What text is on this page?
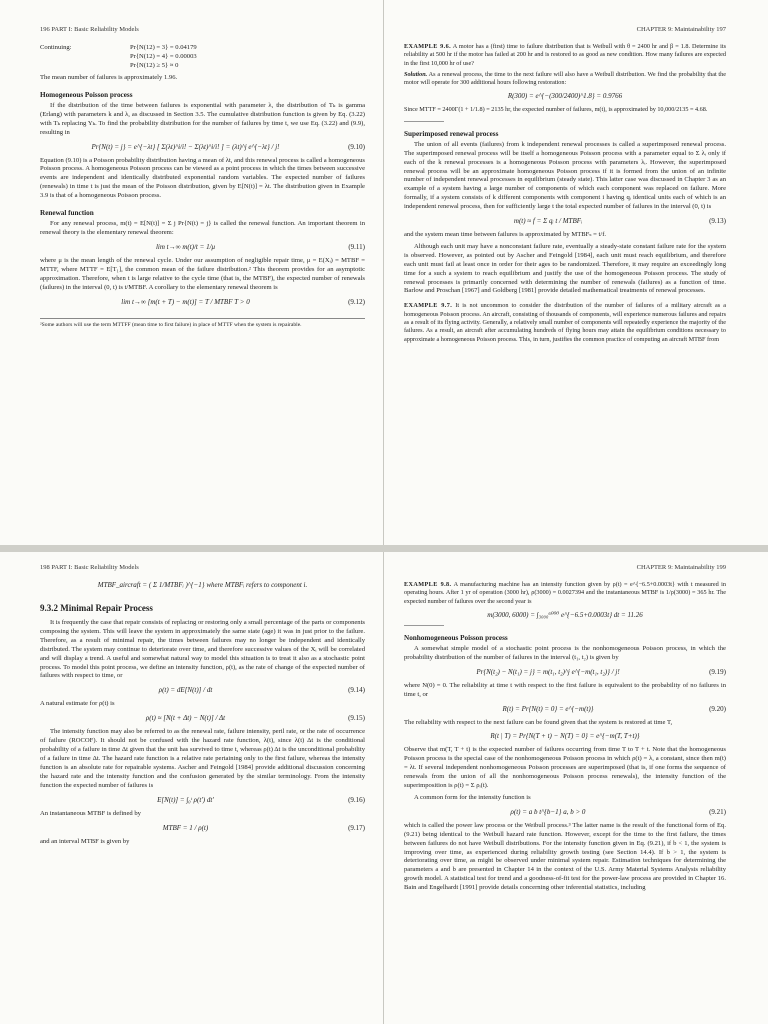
196 PART I: Basic Reliability Models
Continuing:	Pr{N(12) = 3} = 0.04179
Pr{N(12) = 4} = 0.00003
Pr{N(12) ≥ 5} ≈ 0

The mean number of failures is approximately 1.96.

Homogeneous Poisson process

If the distribution of the time between failures is exponential with parameter λ, the distribution of Tₖ is gamma (Erlang) with parameters k and λ, as discussed in Section 3.5. The cumulative distribution function is given by Eq. (3.22) with Tₖ replacing Yₖ. To find the probability distribution for the number of failures by time t, we use Eq. (3.22) and (9.9), resulting in

Pr{N(t) = j} = e^{−λt} [ Σ(λt)^i/i! − Σ(λt)^i/i! ] = (λt)^j e^{−λt} / j!	(9.10)

Equation (9.10) is a Poisson probability distribution having a mean of λt, and this renewal process is called a homogeneous Poisson process. A homogeneous Poisson process can be viewed as a point process in which the times between successive events are independent and identically distributed exponential random variables. The expected number of failures (renewals) in time t is just the mean of the Poisson distribution, given by E[N(t)] = λt. The distribution given in Example 3.9 is that of a homogeneous Poisson process.

Renewal function

For any renewal process, m(t) = E[N(t)] = Σ j Pr{N(t) = j} is called the renewal function. An important theorem in renewal theory is the elementary renewal theorem:

lim t→∞ m(t)/t = 1/μ	(9.11)

where μ is the mean length of the renewal cycle. Under our assumption of negligible repair time, μ = E(Xᵢ) = MTBF = MTTF, where MTTF = E[T₁], the common mean of the failure distribution.² This theorem provides for an asymptotic approximation. Therefore, when t is large relative to the cycle time (that is, the MTBF), the expected number of renewals (failures) in the interval (0, t) is t/MTBF. A corollary to the elementary renewal theorem is

lim t→∞ [m(t + T) − m(t)] = T / MTBF T > 0	(9.12)
²Some authors will use the term MTTFF (mean time to first failure) in place of MTTF when the system is repairable.
CHAPTER 9: Maintainability 197

EXAMPLE 9.6. A motor has a (first) time to failure distribution that is Weibull with θ = 2400 hr and β = 1.8. Determine its reliability at 500 hr if the motor has failed at 200 hr and is restored to as good as new condition. How many failures are expected in the first 10,000 hr of use?

Solution. As a renewal process, the time to the next failure will also have a Weibull distribution. We find the probability that the motor will operate for 300 additional hours following restoration:

R(300) = e^{−(300/2400)^1.8} = 0.9766

Since MTTF = 2400Γ(1 + 1/1.8) = 2135 hr, the expected number of failures, m(t), is approximated by 10,000/2135 = 4.68.

Superimposed renewal process

The union of all events (failures) from k independent renewal processes is called a superimposed renewal process. The superimposed renewal process will be itself a homogeneous Poisson process with a parameter equal to Σ λᵢ only if each of the k renewal processes is a homogeneous Poisson process with parameters λᵢ. However, the superimposed renewal process will be an approximate homogeneous Poisson process if it is formed from the union of an infinite number of independent renewal processes in equilibrium (steady state). This latter case was discussed in Chapter 3 as an example of a system having a large number of components of which each component was replaced on failure. More formally, if a system consists of k different components with component i having qᵢ identical units each of which is an independent renewal process, then for sufficiently large t the total expected number of failures in the interval (0, t) is

m(t) ≈ f = Σ qᵢ t / MTBFᵢ	(9.13)

and the system mean time between failures is approximated by MTBFₛ = t/f.

Although each unit may have a nonconstant failure rate, eventually a steady-state constant failure rate for the system is observed. However, as pointed out by Ascher and Feingold [1984], each unit must reach equilibrium, and therefore each unit must fail at least once in order for their ages to be randomized. Therefore, it may require an exceedingly long time for a such a system to reach equilibrium and justify the use of the homogeneous Poisson process. The study of renewal processes is primarily concerned with determining the number of renewals (failures) as a function of time. Barlow and Proschan [1967] and Goldberg [1981] provide detailed mathematical treatments of renewal processes.

EXAMPLE 9.7. It is not uncommon to consider the distribution of the number of failures of a military aircraft as a homogeneous Poisson process. An aircraft, consisting of thousands of components, will experience numerous failures and repairs as a result of its flying activity. Generally, a relatively small number of components will repeatedly experience the majority of the failures. As a result, an aircraft after accumulating hundreds of flying hours may attain the equilibrium conditions necessary to approximate a homogeneous Poisson process. This, in turn, justifies the common practice of computing an aircraft MTBF from

198 PART I: Basic Reliability Models
MTBF_aircraft = ( Σ 1/MTBFᵢ )^{−1} where MTBFᵢ refers to component i.
9.3.2 Minimal Repair Process

It is frequently the case that repair consists of replacing or restoring only a small percentage of the parts or components composing the system. This will leave the system in approximately the same state (age) it was in just prior to the failure. Therefore, as a result of minimal repair, the times between failures may no longer be independent and identically distributed. The system may continue to deteriorate over time, and therefore successive values of the Xᵢ will be correlated and will display a trend. A useful and somewhat natural way to model this situation is to treat it also as a stochastic point process. To model this point process, we define an intensity function, ρ(t), as the rate of change of the expected number of failures with respect to time, or

ρ(t) = dE[N(t)] / dt	(9.14)

A natural estimate for ρ(t) is

ρ(t) ≈ [N(t + Δt) − N(t)] / Δt	(9.15)

The intensity function may also be referred to as the renewal rate, failure intensity, peril rate, or the rate of occurrence of failure (ROCOF). It should not be confused with the hazard rate function, λ(t), since λ(t) Δt is the conditional probability of a failure in time Δt given that the unit has survived to time t, whereas ρ(t) Δt is the unconditional probability of a failure in time Δt. The hazard rate function is a relative rate pertaining only to the first failure, whereas the intensity function is an absolute rate for repairable systems. Ascher and Feingold [1984] provide additional discussion concerning the hazard rate and the intensity function and the confusion generated by the similar terminology. From the intensity function the expected number of failures is

E[N(t)] = ∫₀ᵗ ρ(t′) dt′	(9.16)

An instantaneous MTBF is defined by

MTBF = 1 / ρ(t)	(9.17)

and an interval MTBF is given by

CHAPTER 9: Maintainability 199

EXAMPLE 9.8. A manufacturing machine has an intensity function given by ρ(t) = e^{−6.5+0.0003t} with t measured in operating hours. After 1 yr of operation (3000 hr), ρ(3000) = 0.0027394 and the instantaneous MTBF is 1/ρ(3000) = 365 hr. The expected number of failures over the second year is

m(3000, 6000) = ∫₃₀₀₀⁶⁰⁰⁰ e^{−6.5+0.0003t} dt = 11.26
Nonhomogeneous Poisson process

A somewhat simple model of a stochastic point process is the nonhomogeneous Poisson process, in which the probability distribution of the number of failures in the interval (t₁, t₂) is given by

Pr{N(t₂) − N(t₁) = j} = m(t₁, t₂)^j e^{−m(t₁, t₂)} / j!	(9.19)

where N(0) = 0. The reliability at time t with respect to the first failure is equivalent to the probability of no failures in time t, or

R(t) = Pr{N(t) = 0} = e^{−m(t)}	(9.20)

The reliability with respect to the next failure can be found given that the system is restored at time T,

R(t | T) = Pr{N(T + t) − N(T) = 0} = e^{−m(T, T+t)}

Observe that m(T, T + t) is the expected number of failures occurring from time T to T + t. Note that the homogeneous Poisson process is the special case of the nonhomogeneous Poisson process in which ρ(t) = λ, a constant, since then m(t) = λt. If several independent nonhomogeneous Poisson processes are superimposed (that is, if one forms the sequence of renewals from the union of all the nonhomogeneous Poisson process renewals), the intensity function of the superimposition is ρ(t) = Σ ρᵢ(t).

A common form for the intensity function is

ρ(t) = a b t^{b−1} a, b > 0	(9.21)

which is called the power law process or the Weibull process.³ The latter name is the result of the functional form of Eq. (9.21) being identical to the Weibull hazard rate function. However, except for the time to the first failure, the times between failures do not have Weibull distributions. For the intensity function given in Eq. (9.21), if b < 1, the system is improving over time, as experienced during reliability growth testing (see Section 14.4). If b > 1, the system is deteriorating over time, as might be observed under minimal system repair. Estimation techniques for determining the parameters a and b are presented in Chapter 14 in the context of the U.S. Army Material Systems Analysis reliability growth model. A statistical test for trend and a goodness-of-fit test for the power-law process are provided in Chapter 16. Bain and Engelhardt [1991] provide details concerning other inferential statistics, including
